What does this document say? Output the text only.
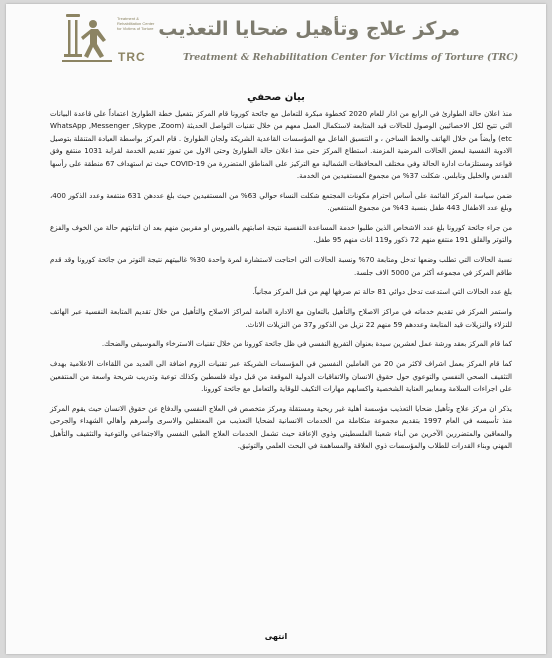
Treatment & Rehabilitation Center for Victims of Torture
TRC
مركز علاج وتأهيل ضحايا التعذيب
Treatment & Rehabilitation Center for Victims of Torture (TRC)
بيان صحفي

منذ اعلان حالة الطوارئ في الرابع من اذار للعام 2020 كخطوة مبكرة للتعامل مع جائحة كورونا قام المركز بتفعيل خطة الطوارئ اعتماداً على قاعدة البيانات التي تتيح لكل الاخصائيين الوصول للحالات قيد المتابعة لاستكمال العمل معهم من خلال تقنيات التواصل الحديثة (WhatsApp ,Messenger ,Skype ,Zoom etc) وأيضاً من خلال الهاتف والخط الساخن ، و التنسيق الفاعل مع المؤسسات القاعدية الشريكة ولجان الطوارئ . قام المركز بواسطة العيادة المتنقلة بتوصيل الادوية النفسية لبعض الحالات المرضية المزمنة. استطاع المركز حتى منذ اعلان حالة الطوارئ وحتى الاول من تموز تقديم الخدمة لقرابة 1031 منتفع وفق قواعد ومستلزمات ادارة الحالة وفي مختلف المحافظات الشمالية مع التركيز على المناطق المتضررة من COVID-19 حيث تم استهداف 67 منطقة على رأسها القدس والخليل ونابلس. شكلت 37% من مجموع المستفيدين من الخدمة.

ضمن سياسة المركز القائمة على أساس احترام مكونات المجتمع شكلت النساء حوالي 63% من المستفيدين حيث بلغ عددهن 631 منتفعة وعدد الذكور 400، وبلغ عدد الاطفال 443 طفل بنسبة 43% من مجموع المنتفعين.

من جراء جائحة كورونا بلغ عدد الاشخاص الذين طلبوا خدمة المساعدة النفسية نتيجة اصابتهم بالفيروس او مقربين منهم بعد ان انتابتهم حالة من الخوف والفزع والتوتر والقلق 191 منتفع منهم 72 ذكور و119 اناث منهم 95 طفل.

نسبة الحالات التي تطلب وضعها تدخل ومتابعة 70% ونسبة الحالات التي احتاجت لاستشارة لمرة واحدة 30% غالبيتهم نتيجة التوتر من جائحة كورونا وقد قدم طاقم المركز في مجموعه أكثر من 5000 الاف جلسة.

بلغ عدد الحالات التي استدعت تدخل دوائي 81 حالة تم صرفها لهم من قبل المركز مجانياً.

واستمر المركز في تقديم خدماته في مراكز الاصلاح والتأهيل بالتعاون مع الادارة العامة لمراكز الاصلاح والتأهيل من خلال تقديم المتابعة النفسية عبر الهاتف للنزلاء والنزيلات قيد المتابعة وعددهم 59 منهم 22 نزيل من الذكور و37 من النزيلات الاناث.

كما قام المركز بعقد ورشة عمل لعشرين سيدة بعنوان التفريغ النفسي في ظل جائحة كورونا من خلال تقنيات الاسترخاء والموسيقى والضحك.

كما قام المركز بعمل اشراف لاكثر من 20 من العاملين النفسين في المؤسسات الشريكة عبر تقنيات الزوم اضافة الى العديد من اللقاءات الاعلامية بهدف التثقيف الصحي النفسي والتوعوي حول حقوق الانسان والاتفاقيات الدولية الموقعة من قبل دولة فلسطين وكذلك توعية وتدريب شريحة واسعة من المنتفعين على اجراءات السلامة ومعايير العناية الشخصية واكسابهم مهارات التكيف للوقاية والتعامل مع جائحة كورونا.

يذكر ان مركز علاج وتأهيل ضحايا التعذيب مؤسسة أهلية غير ربحية ومستقلة ومركز متخصص في العلاج النفسي والدفاع عن حقوق الانسان حيث يقوم المركز منذ تأسيسه في العام 1997 بتقديم مجموعة متكاملة من الخدمات الانسانية لضحايا التعذيب من المعتقلين والاسرى وأسرهم وأهالي الشهداء والجرحى والمعاقين والمتضررين الآخرين من أبناء شعبنا الفلسطيني وذوي الإعاقة حيث تشمل الخدمات العلاج الطبي النفسي والاجتماعي والتوعية والتثقيف والتأهيل المهني وبناء القدرات للطلاب والمؤسسات ذوي العلاقة والمساهمة في البحث العلمي والتوثيق.

انتهى
